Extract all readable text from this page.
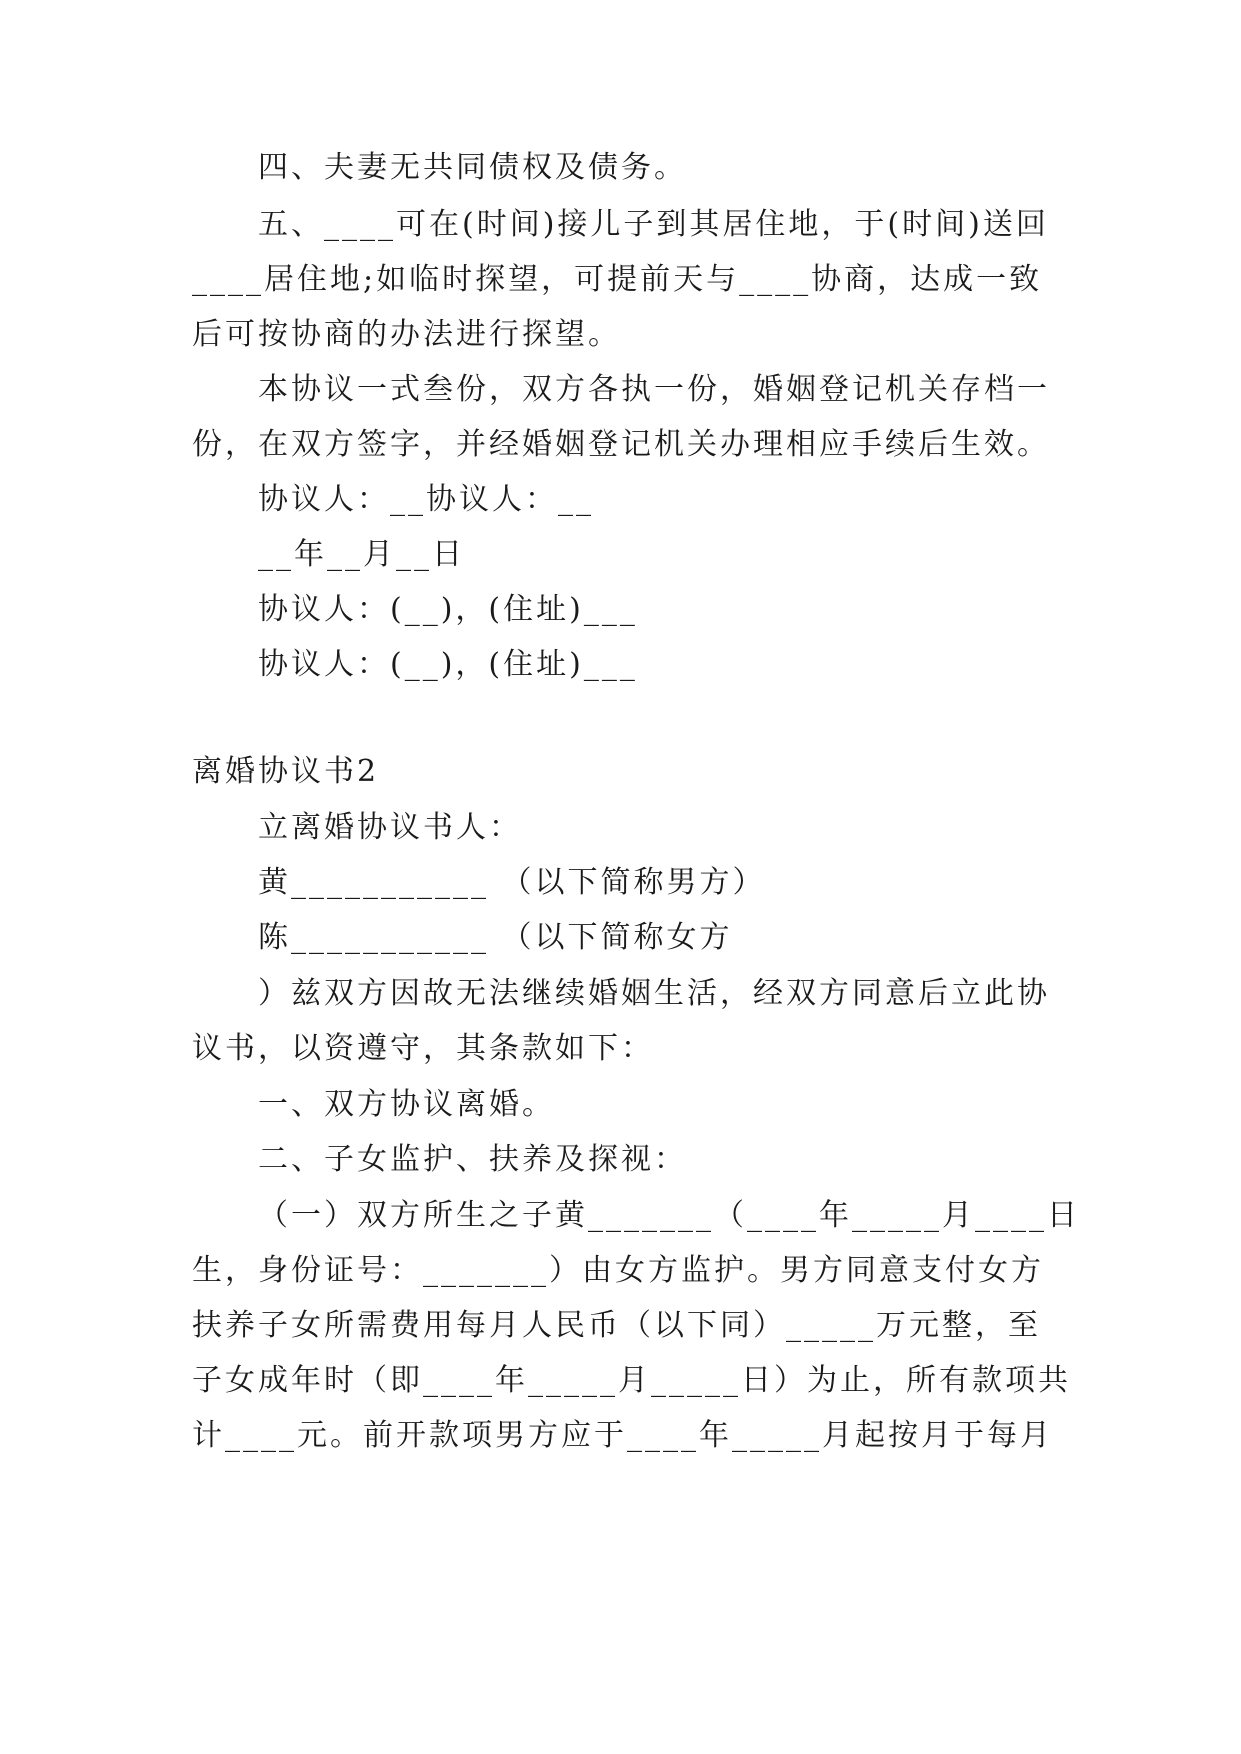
四、夫妻无共同债权及债务。
五、____可在(时间)接儿子到其居住地，于(时间)送回
____居住地;如临时探望，可提前天与____协商，达成一致
后可按协商的办法进行探望。
本协议一式叁份，双方各执一份，婚姻登记机关存档一
份，在双方签字，并经婚姻登记机关办理相应手续后生效。
协议人：__协议人：__
__年__月__日
协议人：(__)，(住址)___
协议人：(__)，(住址)___
离婚协议书2
立离婚协议书人：
黄___________ （以下简称男方）
陈___________ （以下简称女方
）兹双方因故无法继续婚姻生活，经双方同意后立此协
议书，以资遵守，其条款如下：
一、双方协议离婚。
二、子女监护、扶养及探视：
（一）双方所生之子黄_______（____年_____月____日
生，身份证号：_______）由女方监护。男方同意支付女方
扶养子女所需费用每月人民币（以下同）_____万元整，至
子女成年时（即____年_____月_____日）为止，所有款项共
计____元。前开款项男方应于____年_____月起按月于每月
